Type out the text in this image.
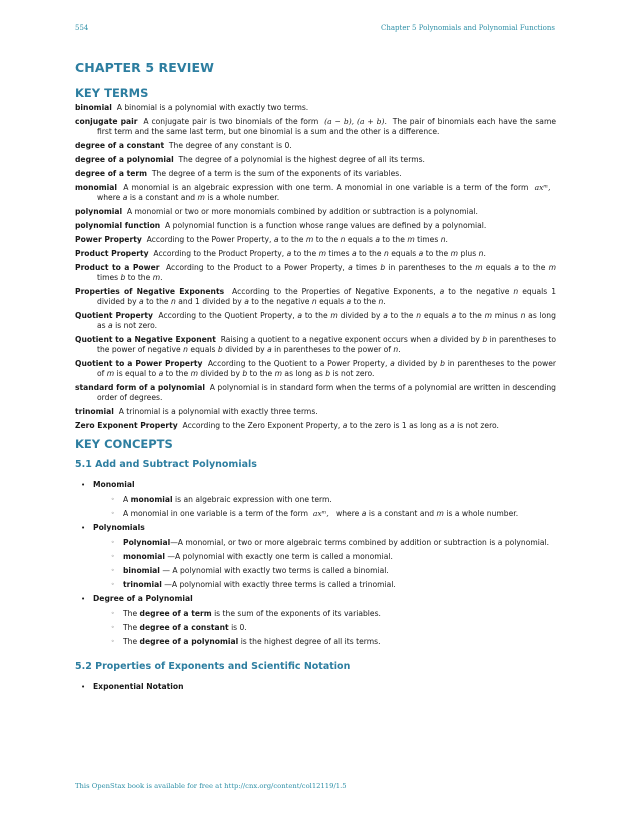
554	Chapter 5 Polynomials and Polynomial Functions
CHAPTER 5 REVIEW
KEY TERMS

binomial A binomial is a polynomial with exactly two terms.

conjugate pair A conjugate pair is two binomials of the form (a − b), (a + b). The pair of binomials each have the same first term and the same last term, but one binomial is a sum and the other is a difference.

degree of a constant The degree of any constant is 0.

degree of a polynomial The degree of a polynomial is the highest degree of all its terms.

degree of a term The degree of a term is the sum of the exponents of its variables.

monomial A monomial is an algebraic expression with one term. A monomial in one variable is a term of the form axᵐ,   where a is a constant and m is a whole number.

polynomial A monomial or two or more monomials combined by addition or subtraction is a polynomial.

polynomial function A polynomial function is a function whose range values are defined by a polynomial.

Power Property According to the Power Property, a to the m to the n equals a to the m times n.

Product Property According to the Product Property, a to the m times a to the n equals a to the m plus n.

Product to a Power According to the Product to a Power Property, a times b in parentheses to the m equals a to the m times b to the m.

Properties of Negative Exponents According to the Properties of Negative Exponents, a to the negative n equals 1 divided by a to the n and 1 divided by a to the negative n equals a to the n.

Quotient Property According to the Quotient Property, a to the m divided by a to the n equals a to the m minus n as long as a is not zero.

Quotient to a Negative Exponent Raising a quotient to a negative exponent occurs when a divided by b in parentheses to the power of negative n equals b divided by a in parentheses to the power of n.

Quotient to a Power Property According to the Quotient to a Power Property, a divided by b in parentheses to the power of m is equal to a to the m divided by b to the m as long as b is not zero.

standard form of a polynomial A polynomial is in standard form when the terms of a polynomial are written in descending order of degrees.

trinomial A trinomial is a polynomial with exactly three terms.

Zero Exponent Property According to the Zero Exponent Property, a to the zero is 1 as long as a is not zero.

KEY CONCEPTS
5.1 Add and Subtract Polynomials
• Monomial
◦ A monomial is an algebraic expression with one term.
◦ A monomial in one variable is a term of the form axᵐ, where a is a constant and m is a whole number.
• Polynomials
◦ Polynomial—A monomial, or two or more algebraic terms combined by addition or subtraction is a polynomial.
◦ monomial —A polynomial with exactly one term is called a monomial.
◦ binomial — A polynomial with exactly two terms is called a binomial.
◦ trinomial —A polynomial with exactly three terms is called a trinomial.
• Degree of a Polynomial
◦ The degree of a term is the sum of the exponents of its variables.
◦ The degree of a constant is 0.
◦ The degree of a polynomial is the highest degree of all its terms.
5.2 Properties of Exponents and Scientific Notation
• Exponential Notation
This OpenStax book is available for free at http://cnx.org/content/col12119/1.5
